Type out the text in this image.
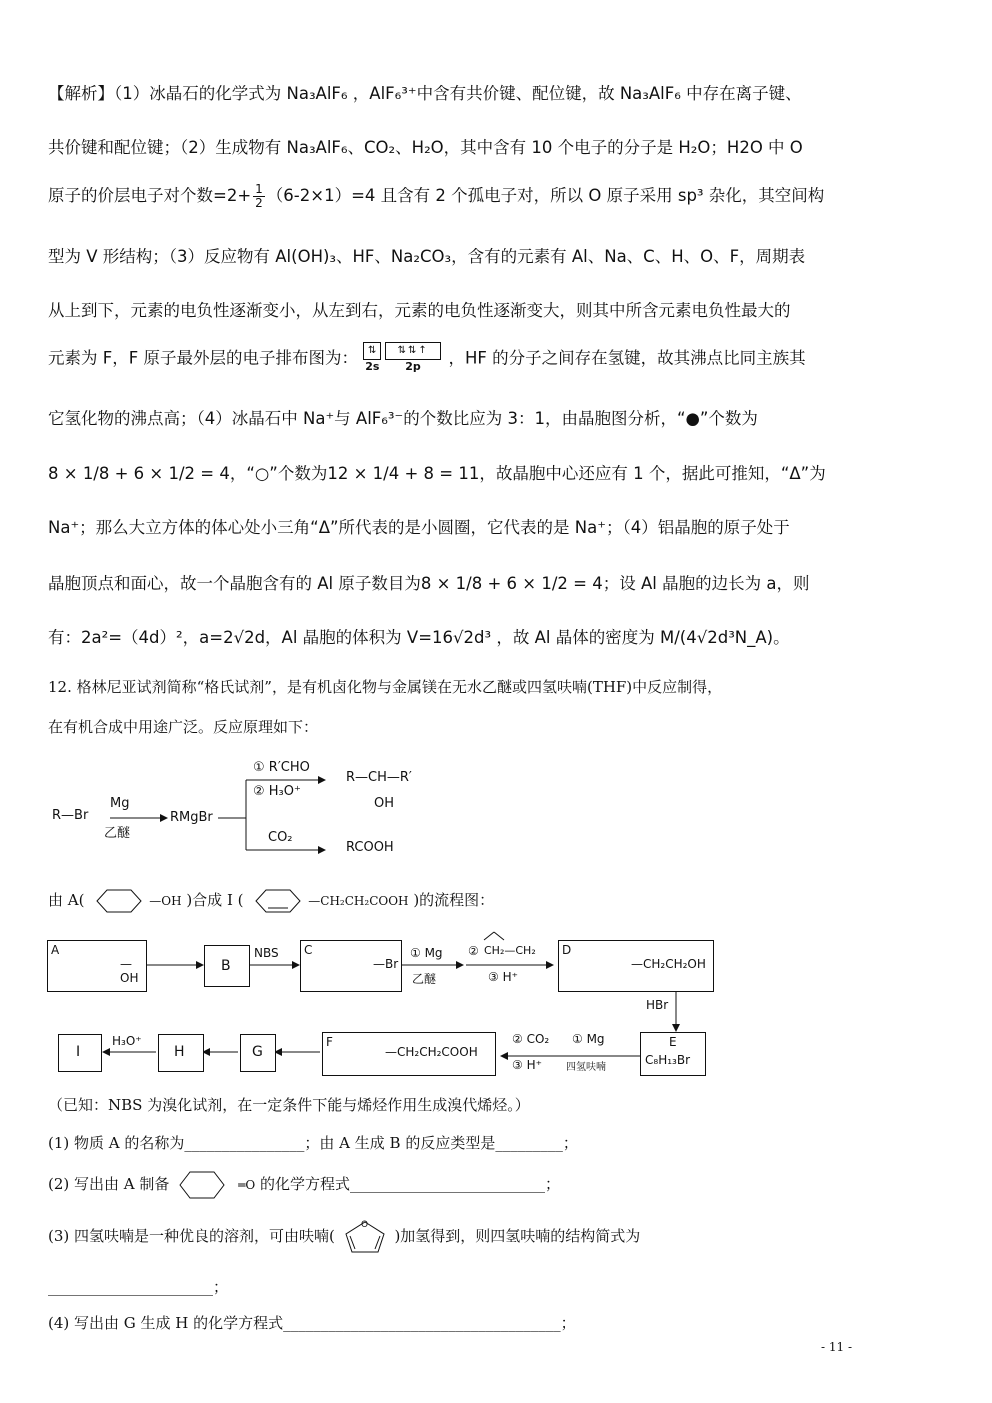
【解析】（1）冰晶石的化学式为 Na₃AlF₆ ，AlF₆³⁺中含有共价键、配位键，故 Na₃AlF₆ 中存在离子键、
共价键和配位键；（2）生成物有 Na₃AlF₆、CO₂、H₂O，其中含有 10 个电子的分子是 H₂O；H2O 中 O
原子的价层电子对个数$=2+ \frac{1}{2} (6-2\times 1)=4$ 且含有 2 个孤电子对，所以 O 原子采用 sp³ 杂化，其空间构
型为 V 形结构；（3）反应物有 Al(OH)₃、HF、Na₂CO₃，含有的元素有 Al、Na、C、H、O、F，周期表
从上到下，元素的电负性逐渐变小，从左到右，元素的电负性逐渐变大，则其中所含元素电负性最大的
元素为 F，F 原子最外层的电子排布图为：	⇅	⇅⇅↑
2s 2p ，HF 的分子之间存在氢键，故其沸点比同主族其
它氢化物的沸点高；（4）冰晶石中 Na⁺与 AlF₆³⁻的个数比应为 3：1，由晶胞图分析，“●”个数为
8 × 1/8 + 6 × 1/2 = 4，“○”个数为12 × 1/4 + 8 = 11，故晶胞中心还应有 1 个，据此可推知，“Δ”为
Na⁺；那么大立方体的体心处小三角“Δ”所代表的是小圆圈，它代表的是 Na⁺；（4）铝晶胞的原子处于
晶胞顶点和面心，故一个晶胞含有的 Al 原子数目为8 × 1/8 + 6 × 1/2 = 4；设 Al 晶胞的边长为 a，则
有：2a²=（4d）²，a=2√2d，Al 晶胞的体积为 V=16√2d³ ，故 Al 晶体的密度为 M/(4√2d³N_A)。
12. 格林尼亚试剂简称“格氏试剂”，是有机卤化物与金属镁在无水乙醚或四氢呋喃(THF)中反应制得，
在有机合成中用途广泛。反应原理如下：
R—Br
Mg
乙醚
RMgBr
① R′CHO
② H₃O⁺
R—CH—R′
OH
CO₂
RCOOH
由 A(	—OH )合成 I (	—CH₂CH₂COOH )的流程图：
A
—OH
B
NBS C
—Br
① Mg
乙醚
② CH₂—CH₂
③ H⁺
D
—CH₂CH₂OH
HBr
E
C₈H₁₃Br
① Mg
四氢呋喃
② CO₂
③ H⁺
F
—CH₂CH₂COOH
G
H
H₃O⁺
I
（已知：NBS 为溴化试剂，在一定条件下能与烯烃作用生成溴代烯烃。）
(1) 物质 A 的名称为________________；由 A 生成 B 的反应类型是_________；
(2) 写出由 A 制备	═O 的化学方程式__________________________；
(3) 四氢呋喃是一种优良的溶剂，可由呋喃(
O
)加氢得到，则四氢呋喃的结构简式为
______________________；
(4) 写出由 G 生成 H 的化学方程式_____________________________________；
- 11 -
